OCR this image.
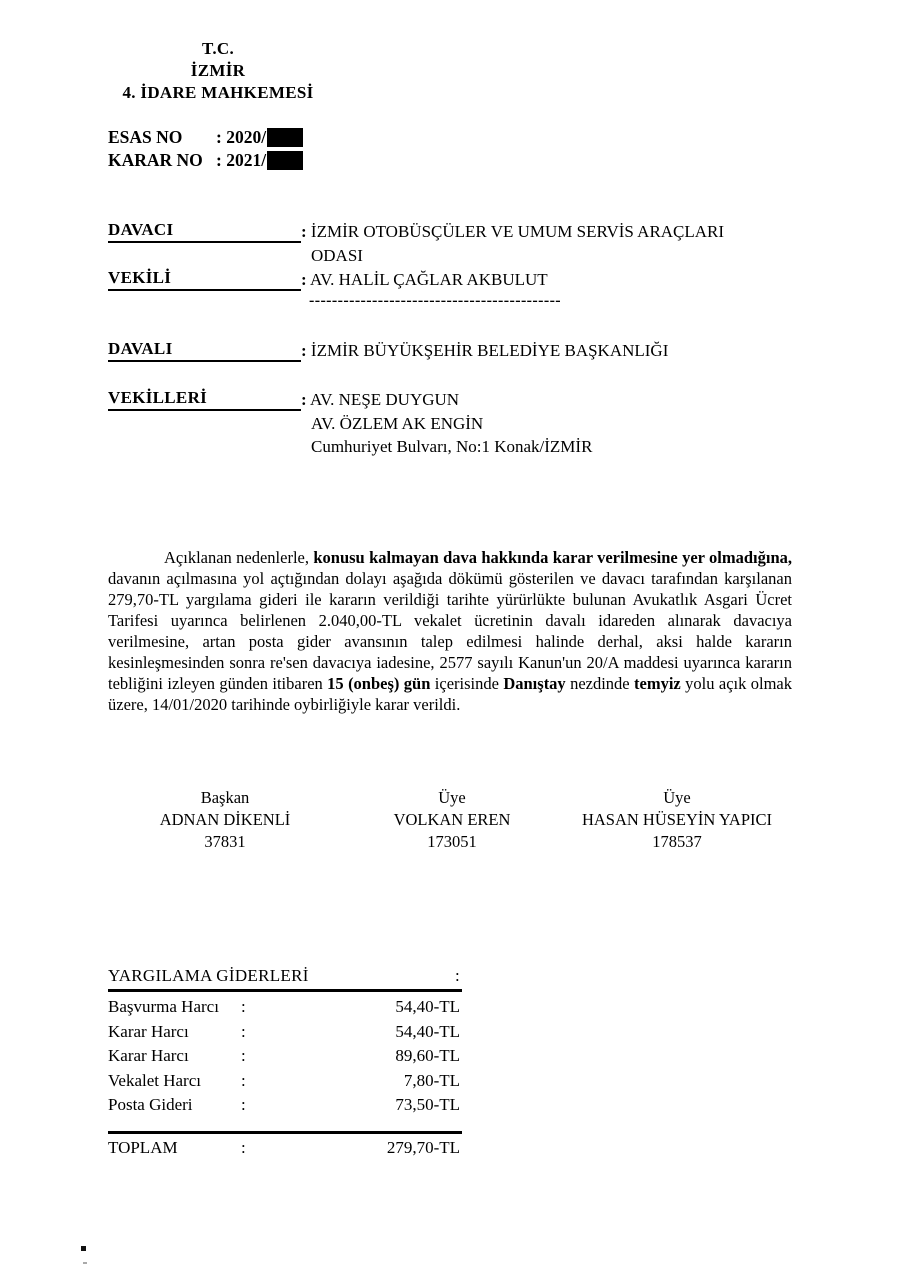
T.C.
İZMİR
4. İDARE MAHKEMESİ
ESAS NO : 2020/
KARAR NO : 2021/
DAVACI	: İZMİR OTOBÜSÇÜLER VE UMUM SERVİS ARAÇLARI
ODASI
VEKİLİ	: AV. HALİL ÇAĞLAR AKBULUT
--------------------------------------------
DAVALI	: İZMİR BÜYÜKŞEHİR BELEDİYE BAŞKANLIĞI
VEKİLLERİ	: AV. NEŞE DUYGUN
AV. ÖZLEM AK ENGİN
Cumhuriyet Bulvarı, No:1 Konak/İZMİR
Açıklanan nedenlerle, konusu kalmayan dava hakkında karar verilmesine yer olmadığına, davanın açılmasına yol açtığından dolayı aşağıda dökümü gösterilen ve davacı tarafından karşılanan 279,70-TL yargılama gideri ile kararın verildiği tarihte yürürlükte bulunan Avukatlık Asgari Ücret Tarifesi uyarınca belirlenen 2.040,00-TL vekalet ücretinin davalı idareden alınarak davacıya verilmesine, artan posta gider avansının talep edilmesi halinde derhal, aksi halde kararın kesinleşmesinden sonra re'sen davacıya iadesine, 2577 sayılı Kanun'un 20/A maddesi uyarınca kararın tebliğini izleyen günden itibaren 15 (onbeş) gün içerisinde Danıştay nezdinde temyiz yolu açık olmak üzere, 14/01/2020 tarihinde oybirliğiyle karar verildi.
Başkan
ADNAN DİKENLİ
37831
Üye
VOLKAN EREN
173051
Üye
HASAN HÜSEYİN YAPICI
178537
YARGILAMA GİDERLERİ	:
Başvurma Harcı :	54,40-TL
Karar Harcı	:	54,40-TL
Karar Harcı	:	89,60-TL
Vekalet Harcı :	7,80-TL
Posta Gideri	:	73,50-TL
TOPLAM	:	279,70-TL
